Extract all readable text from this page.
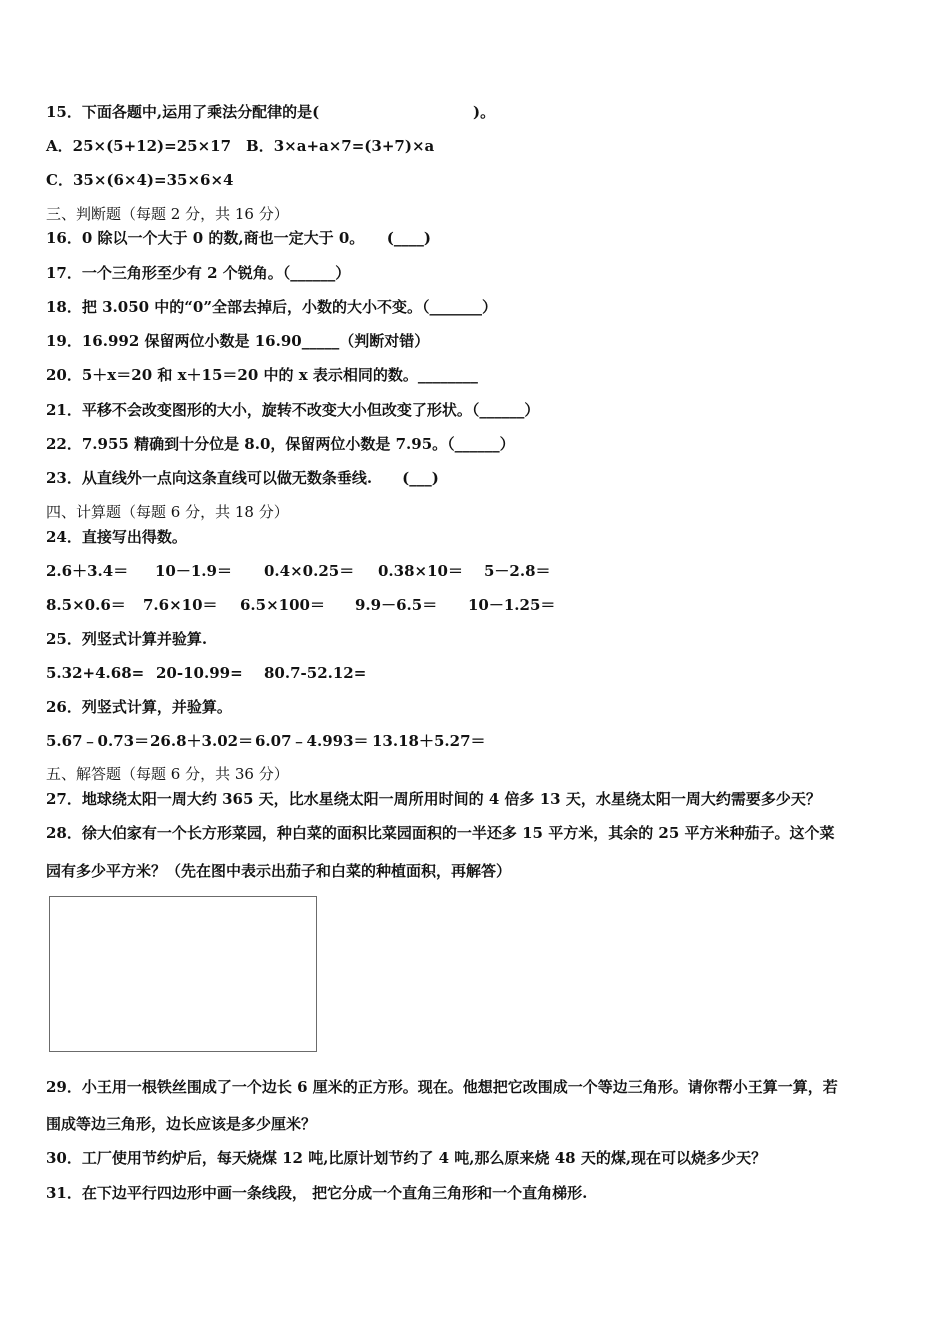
15．下面各题中,运用了乘法分配律的是(	)。
A．25×(5+12)=25×17　B．3×a+a×7=(3+7)×a
C．35×(6×4)=35×6×4
三、判断题（每题 2 分，共 16 分）
16．0 除以一个大于 0 的数,商也一定大于 0。　　(____)
17．一个三角形至少有 2 个锐角。（______）
18．把 3.050 中的“0”全部去掉后，小数的大小不变。（_______）
19．16.992 保留两位小数是 16.90_____（判断对错）
20．5＋x＝20 和 x＋15＝20 中的 x 表示相同的数。________
21．平移不会改变图形的大小，旋转不改变大小但改变了形状。（______）
22．7.955 精确到十分位是 8.0，保留两位小数是 7.95。（______）
23．从直线外一点向这条直线可以做无数条垂线.　　(___)
四、计算题（每题 6 分，共 18 分）
24．直接写出得数。
2.6＋3.4＝ 10－1.9＝ 0.4×0.25＝ 0.38×10＝ 5－2.8＝
8.5×0.6＝ 7.6×10＝ 6.5×100＝ 9.9－6.5＝ 10－1.25＝
25．列竖式计算并验算.
5.32+4.68= 20-10.99= 80.7-52.12=
26．列竖式计算，并验算。
5.67﹣0.73＝ 26.8＋3.02＝ 6.07﹣4.993＝ 13.18＋5.27＝
五、解答题（每题 6 分，共 36 分）
27．地球绕太阳一周大约 365 天，比水星绕太阳一周所用时间的 4 倍多 13 天，水星绕太阳一周大约需要多少天？
28．徐大伯家有一个长方形菜园，种白菜的面积比菜园面积的一半还多 15 平方米，其余的 25 平方米种茄子。这个菜
园有多少平方米？（先在图中表示出茄子和白菜的种植面积，再解答）
29．小王用一根铁丝围成了一个边长 6 厘米的正方形。现在。他想把它改围成一个等边三角形。请你帮小王算一算，若
围成等边三角形，边长应该是多少厘米？
30．工厂使用节约炉后，每天烧煤 12 吨,比原计划节约了 4 吨,那么原来烧 48 天的煤,现在可以烧多少天？
31．在下边平行四边形中画一条线段， 把它分成一个直角三角形和一个直角梯形.
